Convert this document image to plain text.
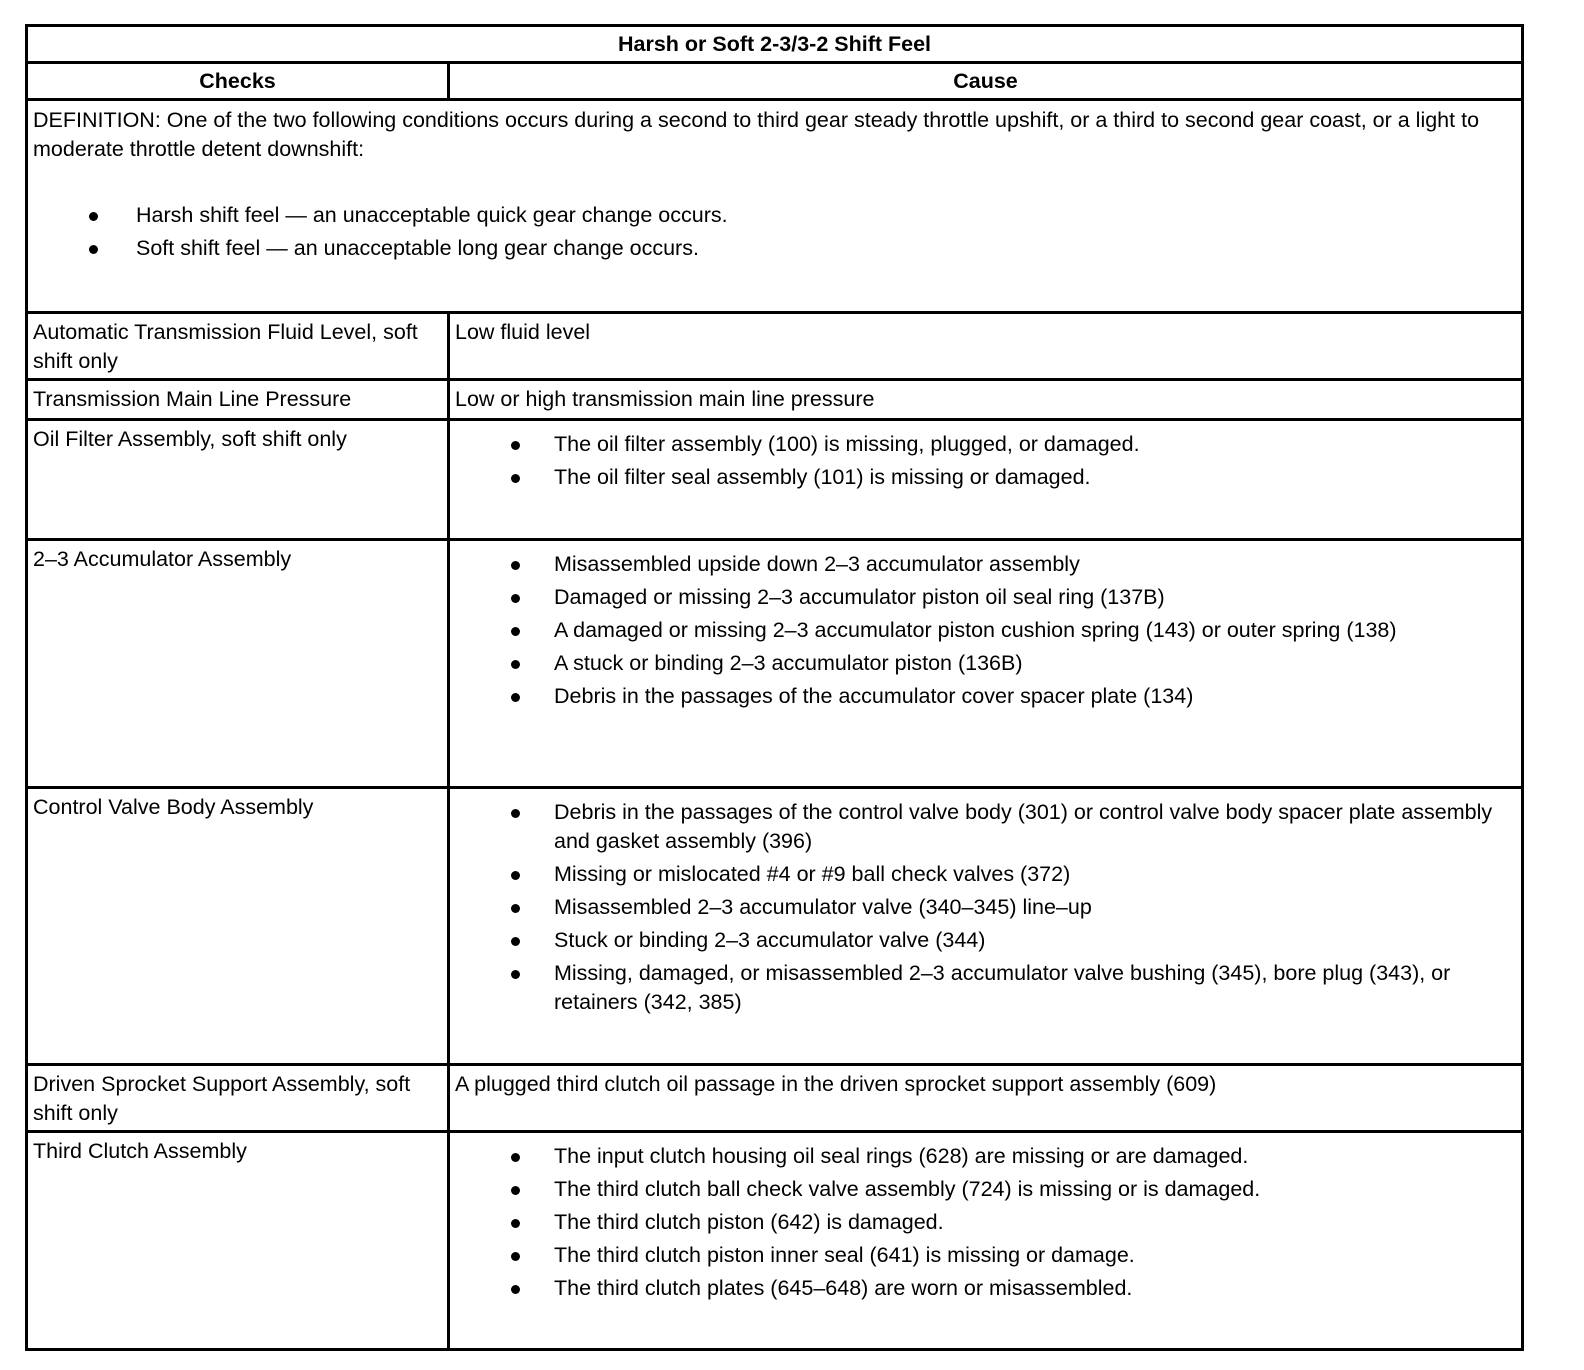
Harsh or Soft 2-3/3-2 Shift Feel	
Checks	Cause

DEFINITION: One of the two following conditions occurs during a second to third gear steady throttle upshift, or a third to second gear coast, or a light to moderate throttle detent downshift:

Harsh shift feel — an unacceptable quick gear change occurs.
Soft shift feel — an unacceptable long gear change occurs.

Automatic Transmission Fluid Level, soft shift only	Low fluid level
Transmission Main Line Pressure	Low or high transmission main line pressure
Oil Filter Assembly, soft shift only	The oil filter assembly (100) is missing, plugged, or damaged.
The oil filter seal assembly (101) is missing or damaged.

2–3 Accumulator Assembly	Misassembled upside down 2–3 accumulator assembly
Damaged or missing 2–3 accumulator piston oil seal ring (137B)
A damaged or missing 2–3 accumulator piston cushion spring (143) or outer spring (138)
A stuck or binding 2–3 accumulator piston (136B)
Debris in the passages of the accumulator cover spacer plate (134)

Control Valve Body Assembly	Debris in the passages of the control valve body (301) or control valve body spacer plate assembly and gasket assembly (396)
Missing or mislocated #4 or #9 ball check valves (372)
Misassembled 2–3 accumulator valve (340–345) line–up
Stuck or binding 2–3 accumulator valve (344)
Missing, damaged, or misassembled 2–3 accumulator valve bushing (345), bore plug (343), or retainers (342, 385)

Driven Sprocket Support Assembly, soft shift only	A plugged third clutch oil passage in the driven sprocket support assembly (609)
Third Clutch Assembly	The input clutch housing oil seal rings (628) are missing or are damaged.
The third clutch ball check valve assembly (724) is missing or is damaged.
The third clutch piston (642) is damaged.
The third clutch piston inner seal (641) is missing or damage.
The third clutch plates (645–648) are worn or misassembled.
